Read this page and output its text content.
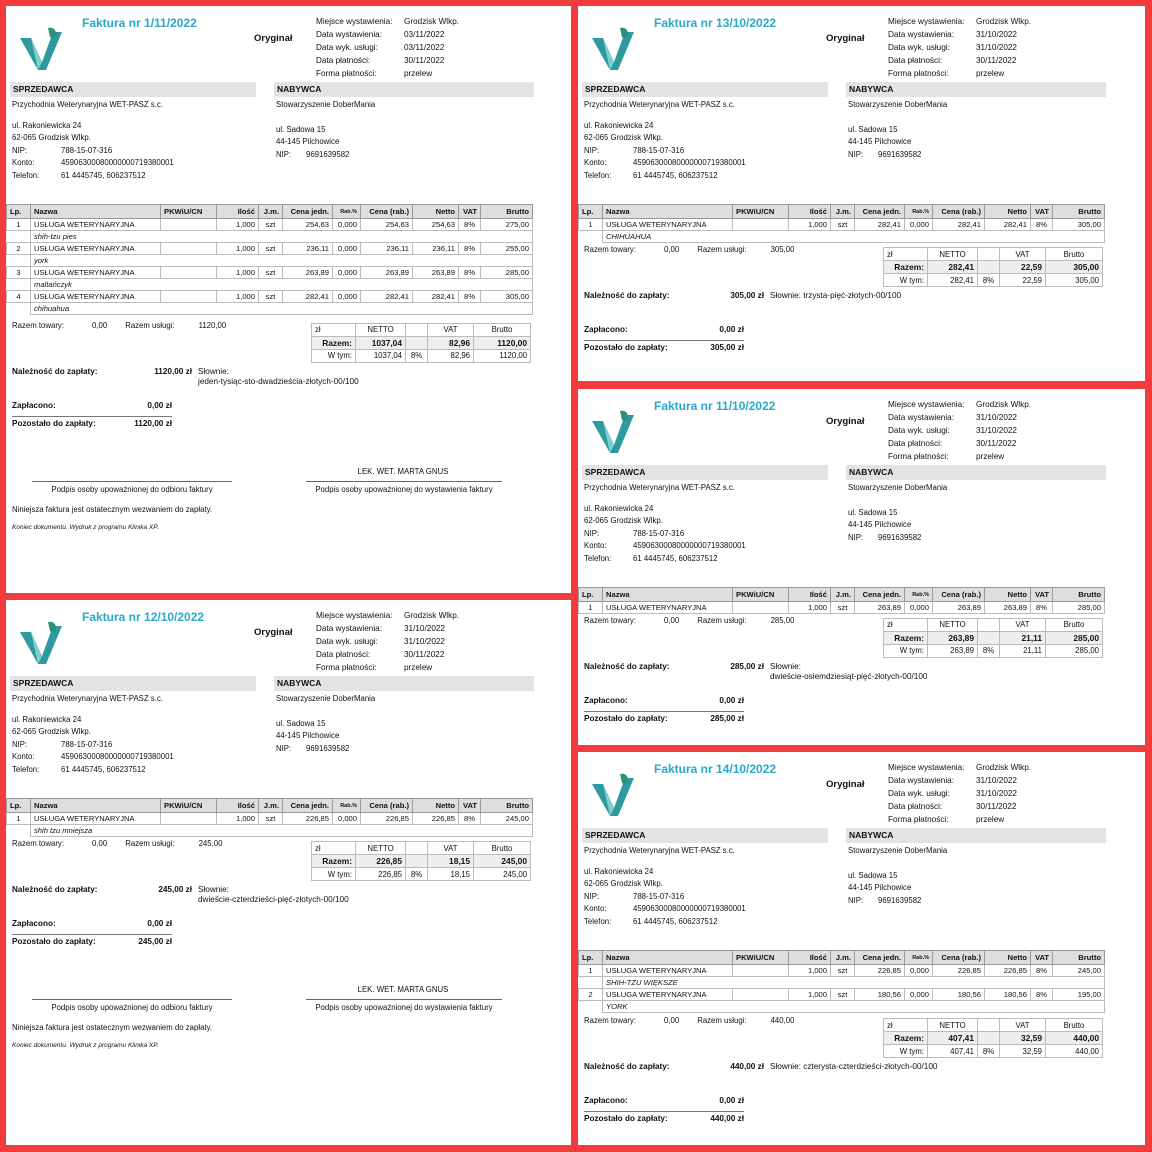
Faktura nr 1/11/2022
Oryginał
Miejsce wystawienia:	Grodzisk Wlkp.
Data wystawienia:	03/11/2022
Data wyk. usługi:	03/11/2022
Data płatności:	30/11/2022
Forma płatności:	przelew
SPRZEDAWCA	NABYWCA
Przychodnia Weterynaryjna WET-PASZ s.c.
ul. Rakoniewicka 24
62-065 Grodzisk Wlkp.
NIP:	788-15-07-316
Konto:	45906300080000000719380001
Telefon:	61 4445745, 606237512
Stowarzyszenie DoberMania
ul. Sadowa 15
44-145 Pilchowice
NIP:	9691639582
Lp.	Nazwa	PKWiU/CN	Ilość	J.m.	Cena jedn.	Rab.%	Cena (rab.)	Netto	VAT	Brutto
1	USŁUGA WETERYNARYJNA		1,000	szt	254,63	0,000	254,63	254,63	8%	275,00
	shih-tzu pies									
2	USŁUGA WETERYNARYJNA		1,000	szt	236,11	0,000	236,11	236,11	8%	255,00
	york									
3	USŁUGA WETERYNARYJNA		1,000	szt	263,89	0,000	263,89	263,89	8%	285,00
	maltańczyk									
4	USŁUGA WETERYNARYJNA		1,000	szt	282,41	0,000	282,41	282,41	8%	305,00
	chihuahua									
Razem towary:	0,00 Razem usługi:	1120,00	zł	NETTO		VAT	Brutto
Razem:	1037,04		82,96	1120,00
W tym:	1037,04	8%	82,96	1120,00
Należność do zapłaty:	1120,00 zł Słownie:
jeden-tysiąc-sto-dwadzieścia-złotych-00/100
Zapłacono:	0,00 zł
Pozostało do zapłaty:	1120,00 zł
LEK. WET. MARTA GNUS
Podpis osoby upoważnionej do odbioru faktury	Podpis osoby upoważnionej do wystawienia faktury
Niniejsza faktura jest ostatecznym wezwaniem do zapłaty.
Koniec dokumentu. Wydruk z programu Klinika XP.
Faktura nr 13/10/2022
Oryginał
Miejsce wystawienia:	Grodzisk Wlkp.
Data wystawienia:	31/10/2022
Data wyk. usługi:	31/10/2022
Data płatności:	30/11/2022
Forma płatności:	przelew
SPRZEDAWCA	NABYWCA
Przychodnia Weterynaryjna WET-PASZ s.c.
ul. Rakoniewicka 24
62-065 Grodzisk Wlkp.
NIP:	788-15-07-316
Konto:	45906300080000000719380001
Telefon:	61 4445745, 606237512
Stowarzyszenie DoberMania
ul. Sadowa 15
44-145 Pilchowice
NIP:	9691639582
Lp.	Nazwa	PKWiU/CN	Ilość	J.m.	Cena jedn.	Rab.%	Cena (rab.)	Netto	VAT	Brutto
1	USŁUGA WETERYNARYJNA		1,000	szt	282,41	0,000	282,41	282,41	8%	305,00
	CHIHUAHUA									
Razem towary:	0,00 Razem usługi:	305,00	zł	NETTO		VAT	Brutto
Razem:	282,41		22,59	305,00
W tym:	282,41	8%	22,59	305,00
Należność do zapłaty:	305,00 zł Słownie: trzysta-pięć-złotych-00/100
Zapłacono:	0,00 zł
Pozostało do zapłaty:	305,00 zł
Faktura nr 11/10/2022
Oryginał
Miejsce wystawienia:	Grodzisk Wlkp.
Data wystawienia:	31/10/2022
Data wyk. usługi:	31/10/2022
Data płatności:	30/11/2022
Forma płatności:	przelew
SPRZEDAWCA	NABYWCA
Przychodnia Weterynaryjna WET-PASZ s.c.
ul. Rakoniewicka 24
62-065 Grodzisk Wlkp.
NIP:	788-15-07-316
Konto:	45906300080000000719380001
Telefon:	61 4445745, 606237512
Stowarzyszenie DoberMania
ul. Sadowa 15
44-145 Pilchowice
NIP:	9691639582
Lp.	Nazwa	PKWiU/CN	Ilość	J.m.	Cena jedn.	Rab.%	Cena (rab.)	Netto	VAT	Brutto
1	USŁUGA WETERYNARYJNA		1,000	szt	263,89	0,000	263,89	263,89	8%	285,00
Razem towary:	0,00 Razem usługi:	285,00	zł	NETTO		VAT	Brutto
Razem:	263,89		21,11	285,00
W tym:	263,89	8%	21,11	285,00
Należność do zapłaty:	285,00 zł Słownie:
dwieście-osiemdziesiąt-pięć-złotych-00/100
Zapłacono:	0,00 zł
Pozostało do zapłaty:	285,00 zł
Faktura nr 12/10/2022
Oryginał
Miejsce wystawienia:	Grodzisk Wlkp.
Data wystawienia:	31/10/2022
Data wyk. usługi:	31/10/2022
Data płatności:	30/11/2022
Forma płatności:	przelew
SPRZEDAWCA	NABYWCA
Przychodnia Weterynaryjna WET-PASZ s.c.
ul. Rakoniewicka 24
62-065 Grodzisk Wlkp.
NIP:	788-15-07-316
Konto:	45906300080000000719380001
Telefon:	61 4445745, 606237512
Stowarzyszenie DoberMania
ul. Sadowa 15
44-145 Pilchowice
NIP:	9691639582
Lp.	Nazwa	PKWiU/CN	Ilość	J.m.	Cena jedn.	Rab.%	Cena (rab.)	Netto	VAT	Brutto
1	USŁUGA WETERYNARYJNA		1,000	szt	226,85	0,000	226,85	226,85	8%	245,00
	shih tzu mniejsza									
Razem towary:	0,00 Razem usługi:	245,00	zł	NETTO		VAT	Brutto
Razem:	226,85		18,15	245,00
W tym:	226,85	8%	18,15	245,00
Należność do zapłaty:	245,00 zł Słownie:
dwieście-czterdzieści-pięć-złotych-00/100
Zapłacono:	0,00 zł
Pozostało do zapłaty:	245,00 zł
LEK. WET. MARTA GNUS
Podpis osoby upoważnionej do odbioru faktury	Podpis osoby upoważnionej do wystawienia faktury
Niniejsza faktura jest ostatecznym wezwaniem do zapłaty.
Koniec dokumentu. Wydruk z programu Klinika XP.
Faktura nr 14/10/2022
Oryginał
Miejsce wystawienia:	Grodzisk Wlkp.
Data wystawienia:	31/10/2022
Data wyk. usługi:	31/10/2022
Data płatności:	30/11/2022
Forma płatności:	przelew
SPRZEDAWCA	NABYWCA
Przychodnia Weterynaryjna WET-PASZ s.c.
ul. Rakoniewicka 24
62-065 Grodzisk Wlkp.
NIP:	788-15-07-316
Konto:	45906300080000000719380001
Telefon:	61 4445745, 606237512
Stowarzyszenie DoberMania
ul. Sadowa 15
44-145 Pilchowice
NIP:	9691639582
Lp.	Nazwa	PKWiU/CN	Ilość	J.m.	Cena jedn.	Rab.%	Cena (rab.)	Netto	VAT	Brutto
1	USŁUGA WETERYNARYJNA		1,000	szt	226,85	0,000	226,85	226,85	8%	245,00
	SHIH-TZU WIĘKSZE									
2	USŁUGA WETERYNARYJNA		1,000	szt	180,56	0,000	180,56	180,56	8%	195,00
	YORK									
Razem towary:	0,00 Razem usługi:	440,00	zł	NETTO		VAT	Brutto
Razem:	407,41		32,59	440,00
W tym:	407,41	8%	32,59	440,00
Należność do zapłaty:	440,00 zł Słownie: czterysta-czterdzieści-złotych-00/100
Zapłacono:	0,00 zł
Pozostało do zapłaty:	440,00 zł
